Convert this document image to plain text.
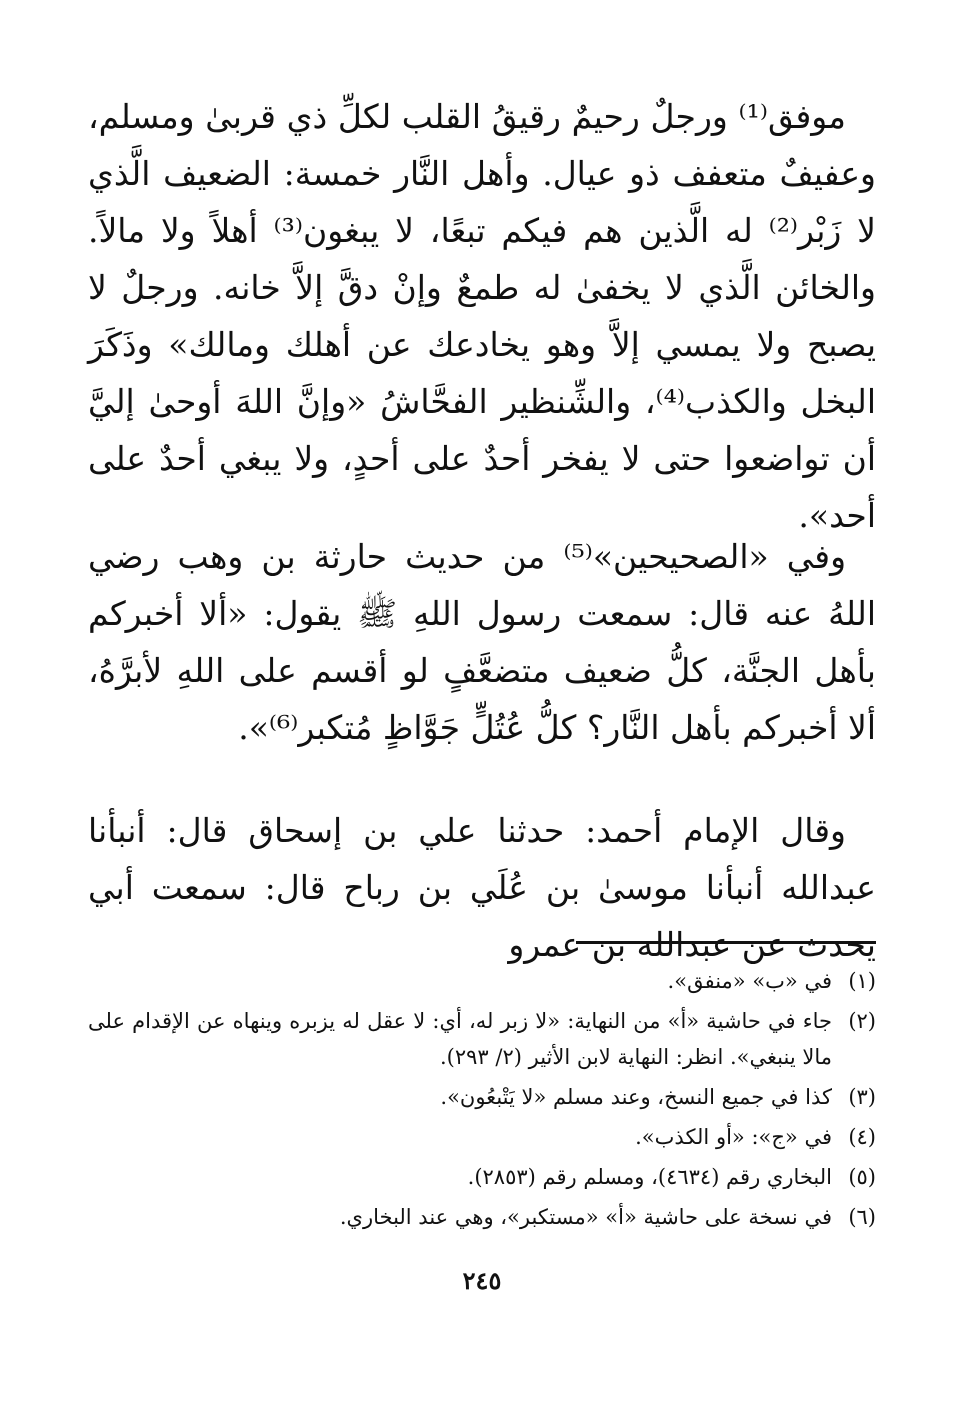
موفق⁽¹⁾ ورجلٌ رحيمٌ رقيقُ القلب لكلِّ ذي قربىٰ ومسلم، وعفيفٌ متعفف ذو عيال. وأهل النَّار خمسة: الضعيف الَّذي لا زَبْر⁽²⁾ له الَّذين هم فيكم تبعًا، لا يبغون⁽³⁾ أهلاً ولا مالاً. والخائن الَّذي لا يخفىٰ له طمعٌ وإنْ دقَّ إلاَّ خانه. ورجلٌ لا يصبح ولا يمسي إلاَّ وهو يخادعك عن أهلك ومالك» وذَكَرَ البخل والكذب⁽⁴⁾، والشِّنظير الفحَّاشُ «وإنَّ اللهَ أوحىٰ إليَّ أن تواضعوا حتى لا يفخر أحدٌ على أحدٍ، ولا يبغي أحدٌ على أحد».

وفي «الصحيحين»⁽⁵⁾ من حديث حارثة بن وهب رضي اللهُ عنه قال: سمعت رسول اللهِ ﷺ يقول: «ألا أخبركم بأهل الجنَّة، كلُّ ضعيف متضعَّفٍ لو أقسم على اللهِ لأبرَّهُ، ألا أخبركم بأهل النَّار؟ كلُّ عُتُلٍّ جَوَّاظٍ مُتكبر⁽⁶⁾».

وقال الإمام أحمد: حدثنا علي بن إسحاق قال: أنبأنا عبدالله أنبأنا موسىٰ بن عُلَي بن رباح قال: سمعت أبي يحدث عن عبدالله بن عمرو

(١)
في «ب» «منفق».
(٢)
جاء في حاشية «أ» من النهاية: «لا زبر له، أي: لا عقل له يزبره وينهاه عن الإقدام على مالا ينبغي». انظر: النهاية لابن الأثير (٢/ ٢٩٣).
(٣)
كذا في جميع النسخ، وعند مسلم «لا يَتْبعُون».
(٤)
في «ج»: «أو الكذب».
(٥)
البخاري رقم (٤٦٣٤)، ومسلم رقم (٢٨٥٣).
(٦)
في نسخة على حاشية «أ» «مستكبر»، وهي عند البخاري.
٢٤٥
